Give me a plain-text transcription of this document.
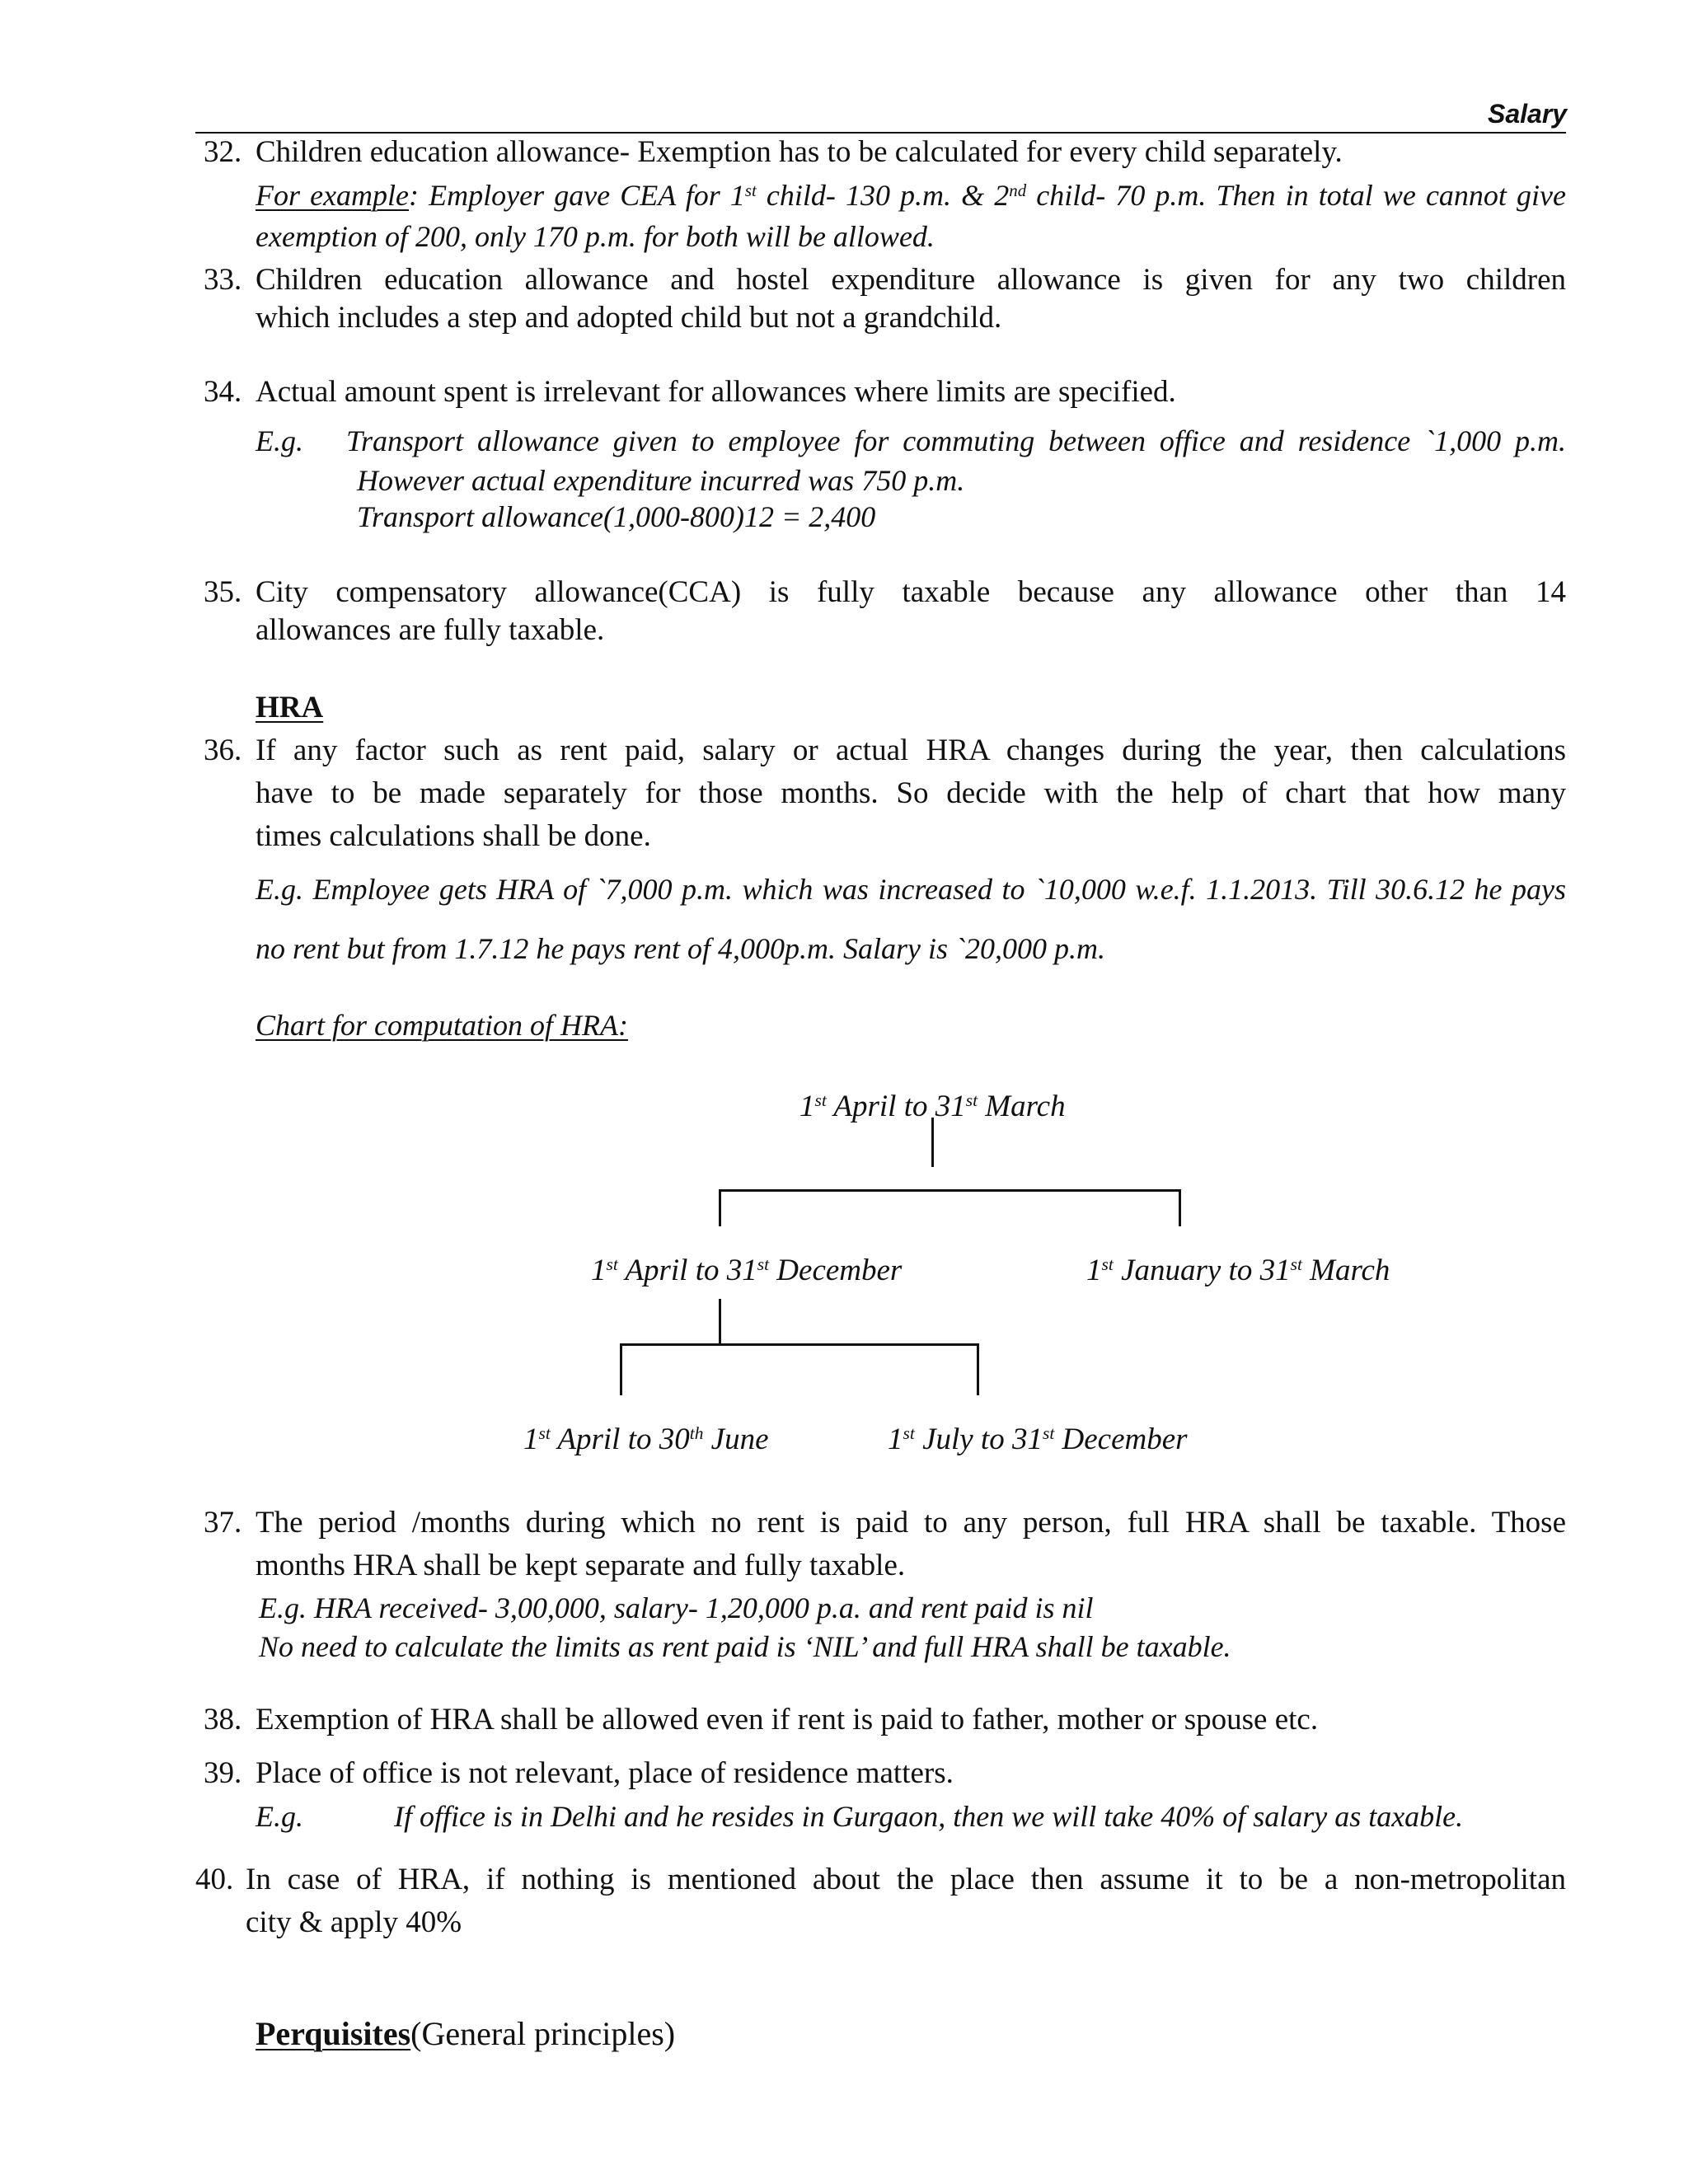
Salary
32. Children education allowance- Exemption has to be calculated for every child separately.
For example: Employer gave CEA for 1st child- 130 p.m. & 2nd child- 70 p.m. Then in total we cannot give
exemption of 200, only 170 p.m. for both will be allowed.
33. Children education allowance and hostel expenditure allowance is given for any two children
which includes a step and adopted child but not a grandchild.
34. Actual amount spent is irrelevant for allowances where limits are specified.
E.g. Transport allowance given to employee for commuting between office and residence `1,000 p.m.
However actual expenditure incurred was 750 p.m.
Transport allowance(1,000-800)12 = 2,400
35. City compensatory allowance(CCA) is fully taxable because any allowance other than 14
allowances are fully taxable.
HRA
36. If any factor such as rent paid, salary or actual HRA changes during the year, then calculations
have to be made separately for those months. So decide with the help of chart that how many
times calculations shall be done.
E.g. Employee gets HRA of `7,000 p.m. which was increased to `10,000 w.e.f. 1.1.2013. Till 30.6.12 he pays
no rent but from 1.7.12 he pays rent of 4,000p.m. Salary is `20,000 p.m.
Chart for computation of HRA:
1st April to 31st March
1st April to 31st December	1st January to 31st March
1st April to 30th June	1st July to 31st December
37. The period /months during which no rent is paid to any person, full HRA shall be taxable. Those
months HRA shall be kept separate and fully taxable.
E.g. HRA received- 3,00,000, salary- 1,20,000 p.a. and rent paid is nil
No need to calculate the limits as rent paid is ‘NIL’ and full HRA shall be taxable.
38. Exemption of HRA shall be allowed even if rent is paid to father, mother or spouse etc.
39. Place of office is not relevant, place of residence matters.
E.g.	If office is in Delhi and he resides in Gurgaon, then we will take 40% of salary as taxable.
40. In case of HRA, if nothing is mentioned about the place then assume it to be a non-metropolitan
city & apply 40%
Perquisites(General principles)
